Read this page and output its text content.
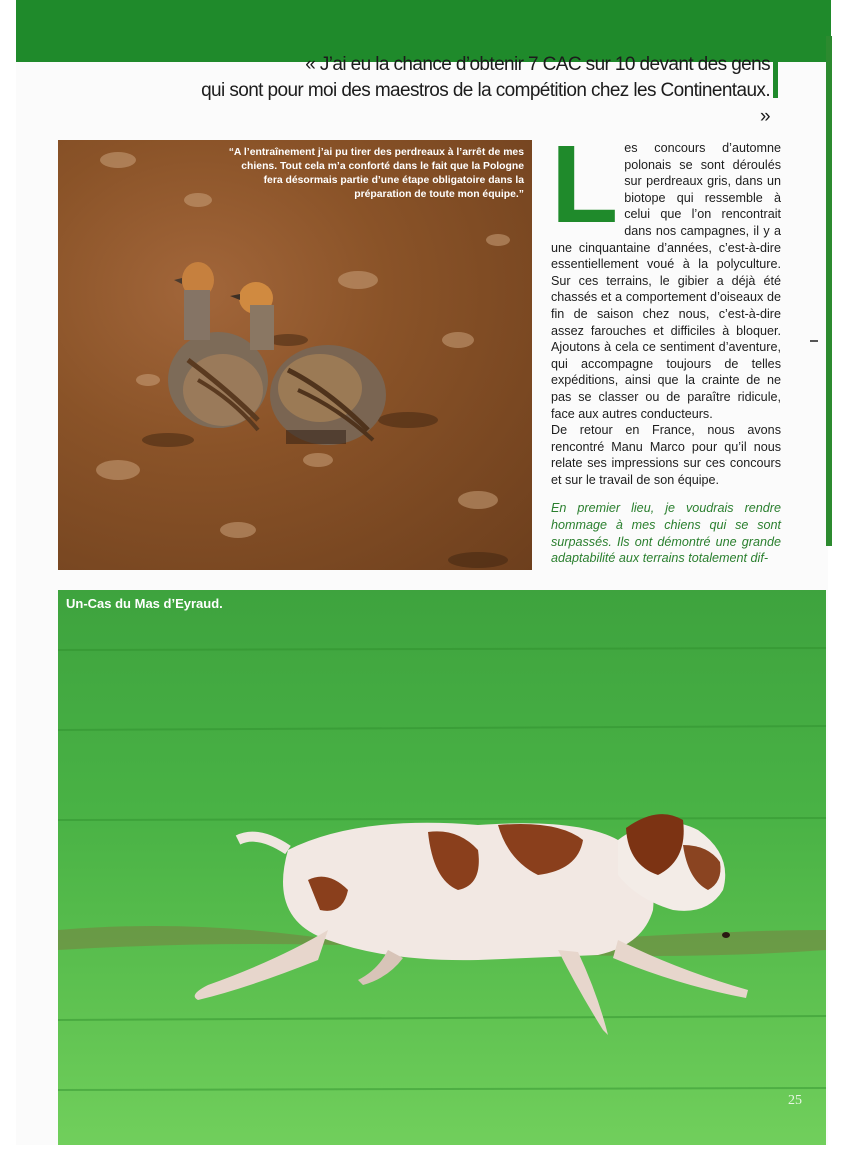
« J’ai eu la chance d’obtenir 7 CAC sur 10 devant des gens
qui sont pour moi des maestros de la compétition chez les Continentaux. »
“A l’entraînement j’ai pu tirer des perdreaux à l’arrêt de mes chiens. Tout cela m’a conforté dans le fait que la Pologne fera désormais partie d’une étape obligatoire dans la préparation de toute mon équipe.” L es concours d’automne polonais se sont déroulés sur perdreaux gris, dans un biotope qui ressemble à celui que l’on rencontrait dans nos campagnes, il y a une cinquantaine d’années, c’est-à-dire essentiellement voué à la polyculture. Sur ces terrains, le gibier a déjà été chassés et a comportement d’oiseaux de fin de saison chez nous, c’est-à-dire assez farouches et difficiles à bloquer. Ajoutons à cela ce sentiment d’aventure, qui accompagne toujours de telles expéditions, ainsi que la crainte de ne pas se classer ou de paraître ridicule, face aux autres conducteurs.

De retour en France, nous avons rencontré Manu Marco pour qu’il nous relate ses impressions sur ces concours et sur le travail de son équipe.

En premier lieu, je voudrais rendre hommage à mes chiens qui se sont surpassés. Ils ont démontré une grande adaptabilité aux terrains totalement dif-

Un-Cas du Mas d’Eyraud.
25
